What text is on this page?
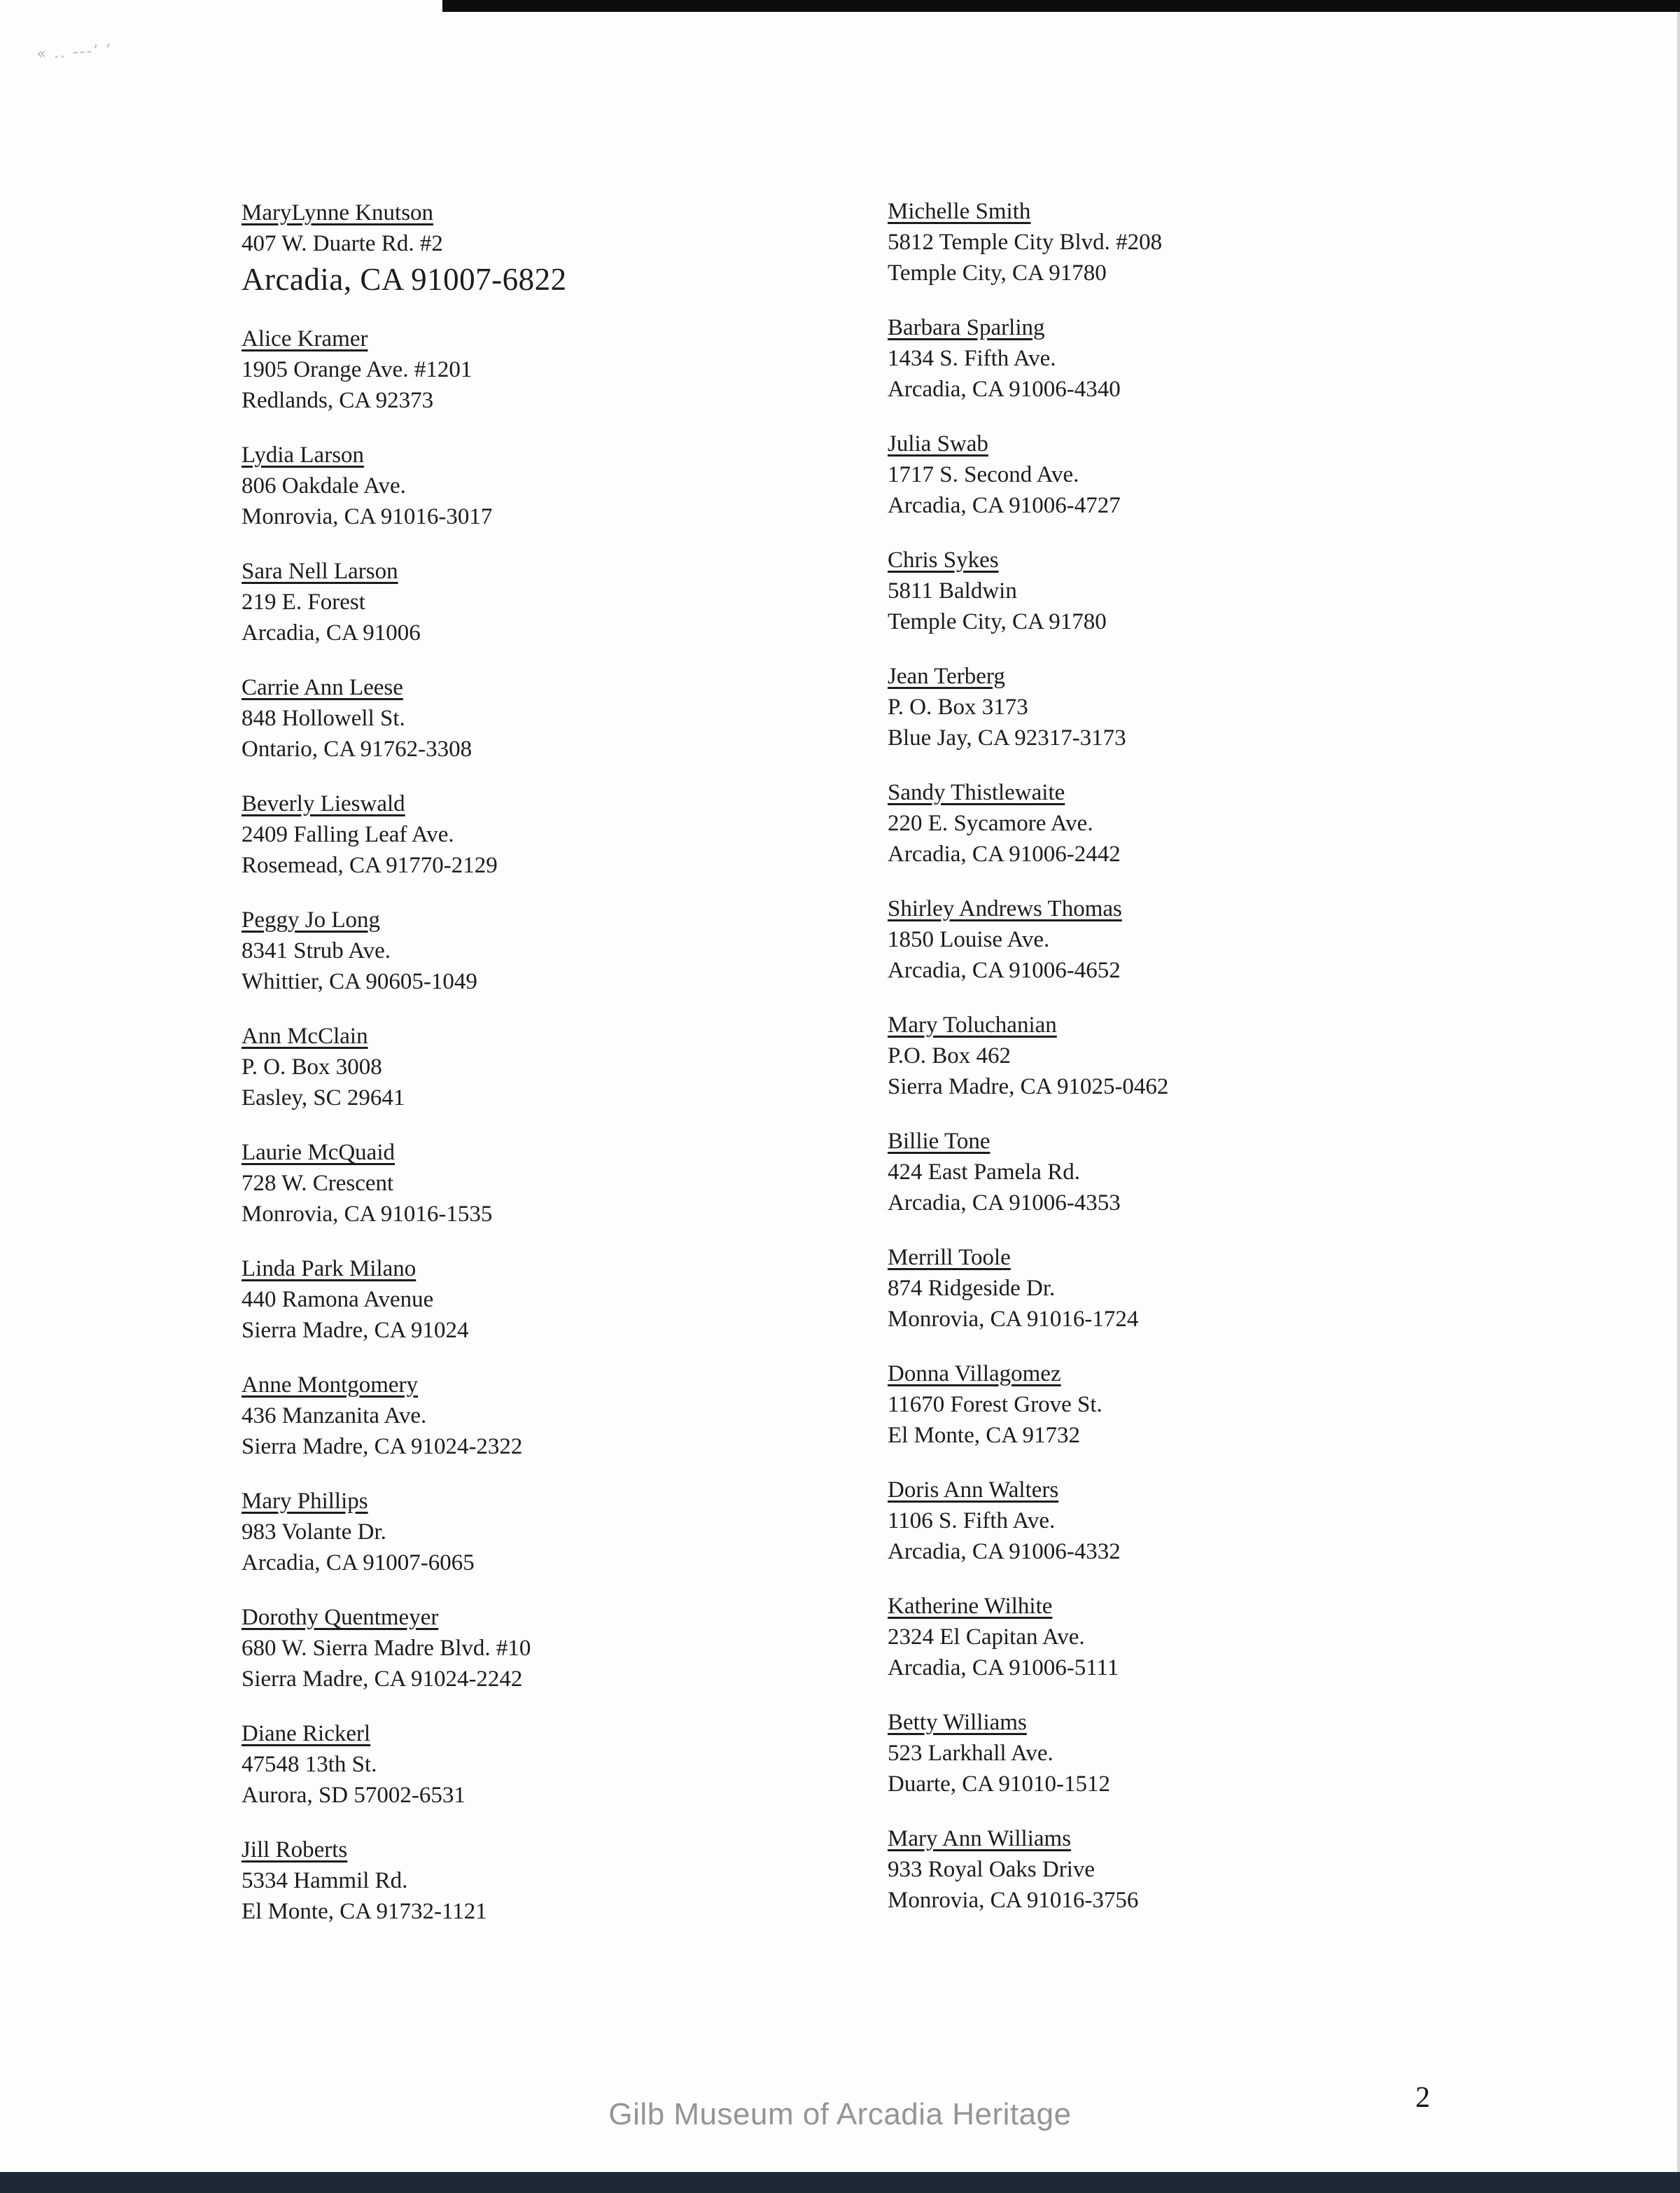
« .. ---’ ʼ
MaryLynne Knutson
407 W. Duarte Rd. #2
Arcadia, CA 91007-6822
Alice Kramer
1905 Orange Ave. #1201
Redlands, CA 92373
Lydia Larson
806 Oakdale Ave.
Monrovia, CA 91016-3017
Sara Nell Larson
219 E. Forest
Arcadia, CA 91006
Carrie Ann Leese
848 Hollowell St.
Ontario, CA 91762-3308
Beverly Lieswald
2409 Falling Leaf Ave.
Rosemead, CA 91770-2129
Peggy Jo Long
8341 Strub Ave.
Whittier, CA 90605-1049
Ann McClain
P. O. Box 3008
Easley, SC 29641
Laurie McQuaid
728 W. Crescent
Monrovia, CA 91016-1535
Linda Park Milano
440 Ramona Avenue
Sierra Madre, CA 91024
Anne Montgomery
436 Manzanita Ave.
Sierra Madre, CA 91024-2322
Mary Phillips
983 Volante Dr.
Arcadia, CA 91007-6065
Dorothy Quentmeyer
680 W. Sierra Madre Blvd. #10
Sierra Madre, CA 91024-2242
Diane Rickerl
47548 13th St.
Aurora, SD 57002-6531
Jill Roberts
5334 Hammil Rd.
El Monte, CA 91732-1121
Michelle Smith
5812 Temple City Blvd. #208
Temple City, CA 91780
Barbara Sparling
1434 S. Fifth Ave.
Arcadia, CA 91006-4340
Julia Swab
1717 S. Second Ave.
Arcadia, CA 91006-4727
Chris Sykes
5811 Baldwin
Temple City, CA 91780
Jean Terberg
P. O. Box 3173
Blue Jay, CA 92317-3173
Sandy Thistlewaite
220 E. Sycamore Ave.
Arcadia, CA 91006-2442
Shirley Andrews Thomas
1850 Louise Ave.
Arcadia, CA 91006-4652
Mary Toluchanian
P.O. Box 462
Sierra Madre, CA 91025-0462
Billie Tone
424 East Pamela Rd.
Arcadia, CA 91006-4353
Merrill Toole
874 Ridgeside Dr.
Monrovia, CA 91016-1724
Donna Villagomez
11670 Forest Grove St.
El Monte, CA 91732
Doris Ann Walters
1106 S. Fifth Ave.
Arcadia, CA 91006-4332
Katherine Wilhite
2324 El Capitan Ave.
Arcadia, CA 91006-5111
Betty Williams
523 Larkhall Ave.
Duarte, CA 91010-1512
Mary Ann Williams
933 Royal Oaks Drive
Monrovia, CA 91016-3756
Gilb Museum of Arcadia Heritage	2
